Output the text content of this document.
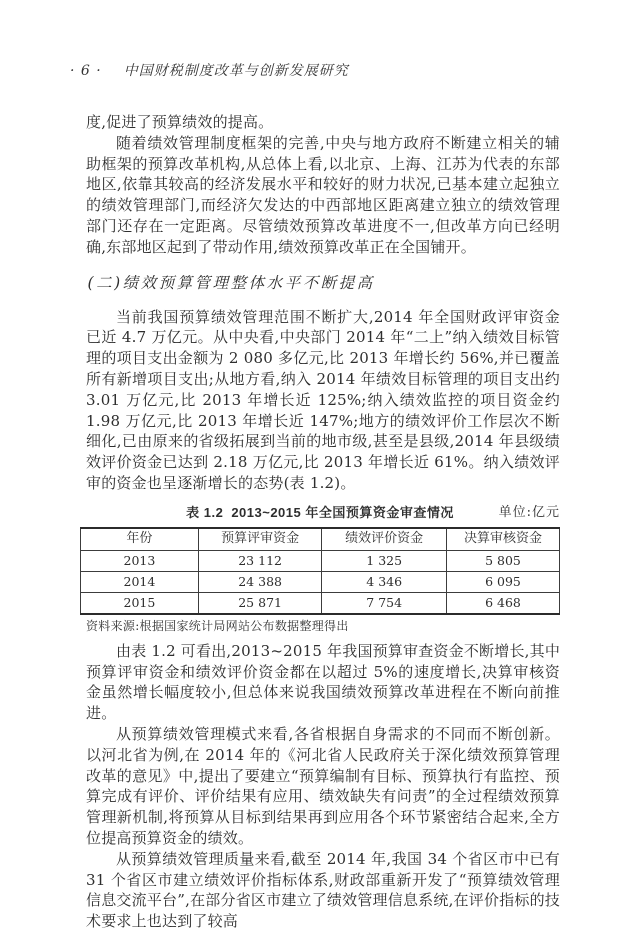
· 6 · 中国财税制度改革与创新发展研究

度,促进了预算绩效的提高。

随着绩效管理制度框架的完善,中央与地方政府不断建立相关的辅助框架的预算改革机构,从总体上看,以北京、上海、江苏为代表的东部地区,依靠其较高的经济发展水平和较好的财力状况,已基本建立起独立的绩效管理部门,而经济欠发达的中西部地区距离建立独立的绩效管理部门还存在一定距离。尽管绩效预算改革进度不一,但改革方向已经明确,东部地区起到了带动作用,绩效预算改革正在全国铺开。

(二)绩效预算管理整体水平不断提高

当前我国预算绩效管理范围不断扩大,2014 年全国财政评审资金已近 4.7 万亿元。从中央看,中央部门 2014 年“二上”纳入绩效目标管理的项目支出金额为 2 080 多亿元,比 2013 年增长约 56%,并已覆盖所有新增项目支出;从地方看,纳入 2014 年绩效目标管理的项目支出约 3.01 万亿元,比 2013 年增长近 125%;纳入绩效监控的项目资金约 1.98 万亿元,比 2013 年增长近 147%;地方的绩效评价工作层次不断细化,已由原来的省级拓展到当前的地市级,甚至是县级,2014 年县级绩效评价资金已达到 2.18 万亿元,比 2013 年增长近 61%。纳入绩效评审的资金也呈逐渐增长的态势(表 1.2)。

表 1.2 2013~2015 年全国预算资金审查情况	单位:亿元
年份	预算评审资金	绩效评价资金	决算审核资金
2013	23 112	1 325	5 805
2014	24 388	4 346	6 095
2015	25 871	7 754	6 468
资料来源:根据国家统计局网站公布数据整理得出

由表 1.2 可看出,2013~2015 年我国预算审查资金不断增长,其中预算评审资金和绩效评价资金都在以超过 5%的速度增长,决算审核资金虽然增长幅度较小,但总体来说我国绩效预算改革进程在不断向前推进。

从预算绩效管理模式来看,各省根据自身需求的不同而不断创新。以河北省为例,在 2014 年的《河北省人民政府关于深化绩效预算管理改革的意见》中,提出了要建立“预算编制有目标、预算执行有监控、预算完成有评价、评价结果有应用、绩效缺失有问责”的全过程绩效预算管理新机制,将预算从目标到结果再到应用各个环节紧密结合起来,全方位提高预算资金的绩效。

从预算绩效管理质量来看,截至 2014 年,我国 34 个省区市中已有 31 个省区市建立绩效评价指标体系,财政部重新开发了“预算绩效管理信息交流平台”,在部分省区市建立了绩效管理信息系统,在评价指标的技术要求上也达到了较高
